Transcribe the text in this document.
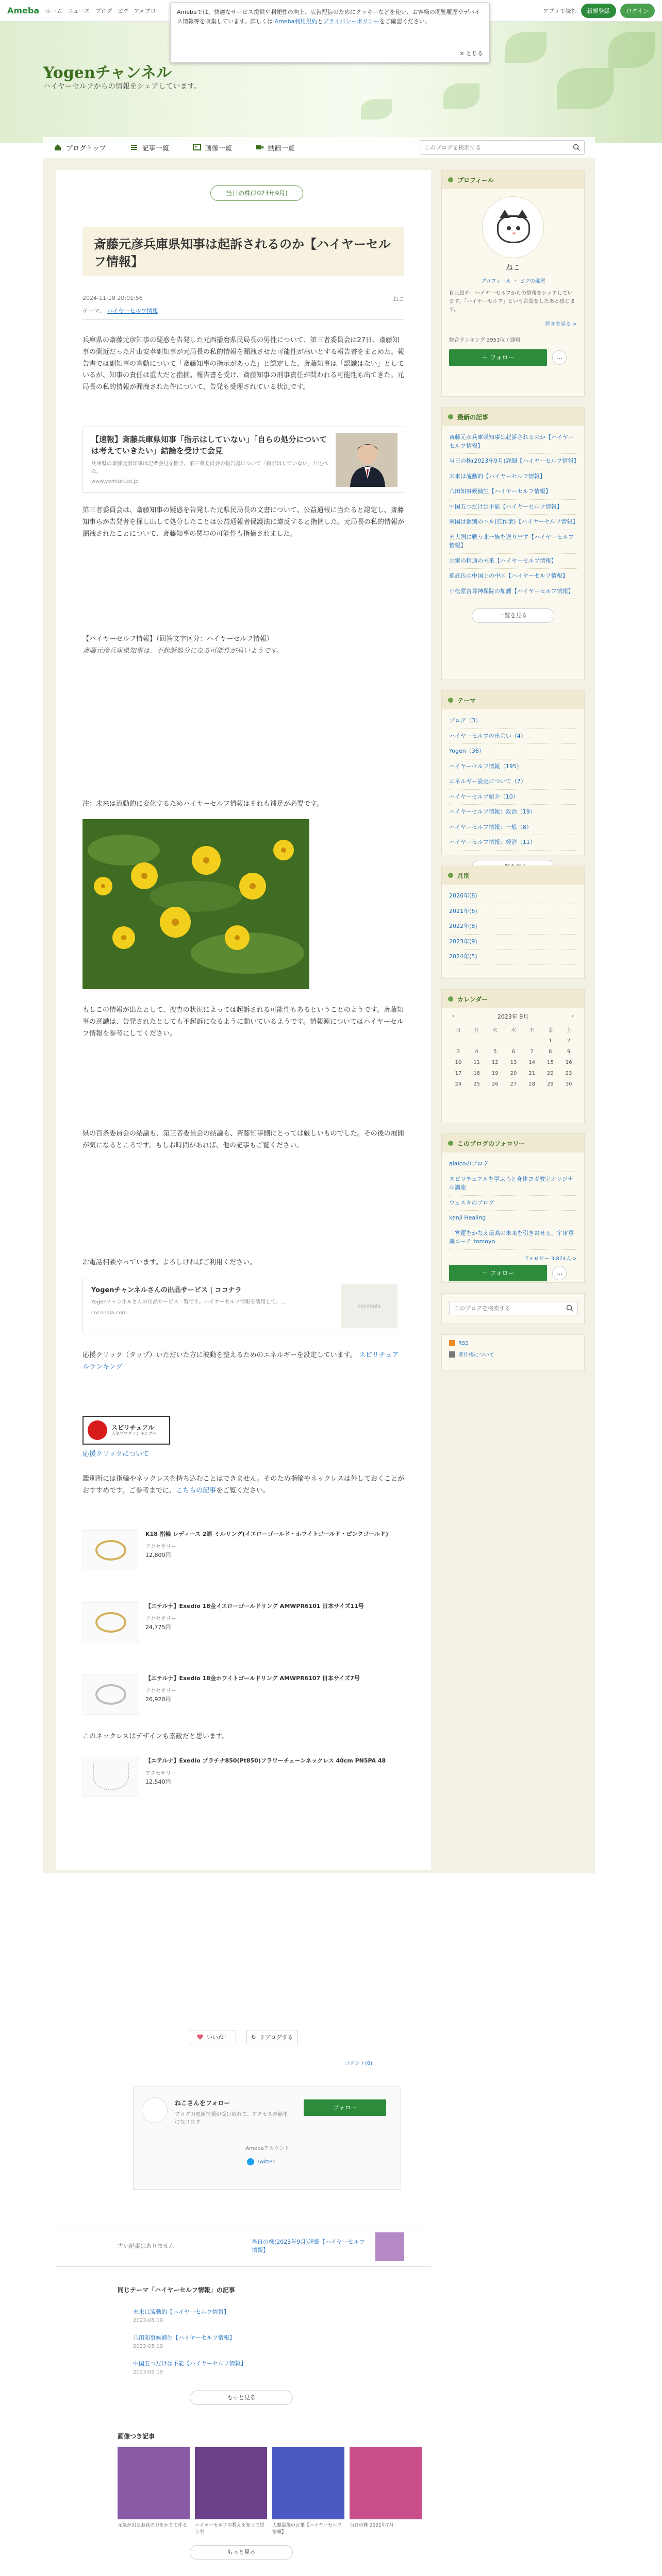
Ameba ホーム ニュース ブログ ピグ アメブロ	アプリで読む	新規登録	ログイン
Yogenチャンネル
ハイヤーセルフからの情報をシェアしています。
Amebaでは、快適なサービス提供や利便性の向上、広告配信のためにクッキーなどを使い、お客様の閲覧履歴やデバイス情報等を収集しています。詳しくは Ameba利用規約とプライバシーポリシーをご確認ください。
× とじる
ブログトップ	記事一覧	画像一覧	動画一覧
このブログを検索する
当日の株(2023年9月)
斎藤元彦兵庫県知事は起訴されるのか【ハイヤーセルフ情報】
2024-11-18 20:01:56	ねこ
テーマ： ハイヤーセルフ情報
兵庫県の斎藤元彦知事の疑惑を告発した元西播磨県民局長の男性について、第三者委員会は27日、斎藤知事の側近だった片山安孝副知事が元局長の私的情報を漏洩させた可能性が高いとする報告書をまとめた。報告書では副知事の言動について「斎藤知事の指示があった」と認定した。斎藤知事は「認識はない」としているが、知事の責任は重大だと指摘。報告書を受け、斎藤知事の刑事責任が問われる可能性も出てきた。元局長の私的情報が漏洩された件について、告発も受理されている状況です。
【速報】斎藤兵庫県知事「指示はしていない」「自らの処分については考えていきたい」結論を受けて会見
兵庫県の斎藤元彦知事は記者会見を開き、第三者委員会の報告書について「指示はしていない」と述べた。
www.yomiuri.co.jp
第三者委員会は、斎藤知事の疑惑を告発した元県民局長の文書について、公益通報に当たると認定し、斎藤知事らが告発者を探し出して処分したことは公益通報者保護法に違反すると指摘した。元局長の私的情報が漏洩されたことについて、斎藤知事の関与の可能性も指摘されました。
【ハイヤーセルフ情報】（回答文字区分：ハイヤーセルフ情報）
斎藤元彦兵庫県知事は、不起訴処分になる可能性が高いようです。
注：未来は流動的に変化するためハイヤーセルフ情報はそれも補足が必要です。
もしこの情報が出たとして、捜査の状況によっては起訴される可能性もあるということのようです。斎藤知事の意識は、告発されたとしても不起訴になるように動いているようです。情報源についてはハイヤーセルフ情報を参考にしてください。
県の百条委員会の結論も、第三者委員会の結論も、斎藤知事側にとっては厳しいものでした。その後の展開が気になるところです。もしお時間があれば、他の記事もご覧ください。
お電話相談やっています。よろしければご利用ください。
Yogenチャンネルさんの出品サービス | ココナラ
Yogenチャンネルさんの出品サービス一覧です。ハイヤーセルフ情報を活用して、...
coconala.com
coconala
応援クリック（タップ）いただいた方に波動を整えるためのエネルギーを設定しています。 スピリチュアルランキング
スピリチュアル
人気ブログランキングへ
応援クリックについて
鑑別所には指輪やネックレスを持ち込むことはできません。そのため指輪やネックレスは外しておくことがおすすめです。ご参考までに、こちらの記事をご覧ください。
K18 指輪 レディース 2連 ミルリング(イエローゴールド・ホワイトゴールド・ピンクゴールド)
アクセサリー
12,800円
【エテルナ】Exedio 18金イエローゴールドリング AMWPR6101 日本サイズ11号
アクセサリー
24,775円
【エテルナ】Exedio 18金ホワイトゴールドリング AMWPR6107 日本サイズ7号
アクセサリー
26,920円
このネックレスはデザインも素敵だと思います。
【エテルナ】Exedio プラチナ850(Pt850)フラワーチェーンネックレス 40cm PN5PA 48
アクセサリー
12,540円
プロフィール
ねこ
プロフィール ・ ピグの部屋
自己紹介：ハイヤーセルフからの情報をシェアしています。「ハイヤーセルフ」という言葉をしたあと感じます。
続きを見る >
総合ランキング 2953位 / 通知
＋ フォロー	…
最新の記事
斎藤元彦兵庫県知事は起訴されるのか【ハイヤーセルフ情報】
当日の株(2023年9月)詳細【ハイヤーセルフ情報】
未来は流動的【ハイヤーセルフ情報】
八田知事候補生【ハイヤーセルフ情報】
中国五つだけは不能【ハイヤーセルフ情報】
南国は個別のハル(無作業)【ハイヤーセルフ情報】
五大国に戦う北一族を送り出す【ハイヤーセルフ情報】
水蜜の精通の未来【ハイヤーセルフ情報】
羅武氏の中国上の中国【ハイヤーセルフ情報】
小松原宮尊神保院の加護【ハイヤーセルフ情報】
一覧を見る
テーマ
ブログ（3）
ハイヤーセルフの出会い（4）
Yogen（36）
ハイヤーセルフ情報（195）
エネルギー設定について（7）
ハイヤーセルフ紹介（10）
ハイヤーセルフ情報：政治（19）
ハイヤーセルフ情報：一般（8）
ハイヤーセルフ情報：経済（11）
月別
2020年(8)
2021年(6)
2022年(8)
2023年(9)
2024年(5)
カレンダー
‹	2023年 9月	›
日	月	火	水	木	金	土
					1	2
3	4	5	6	7	8	9
10	11	12	13	14	15	16
17	18	19	20	21	22	23
24	25	26	27	28	29	30
このブログのフォロワー
aiaicoのブログ
スピリチュアルを学ぶ心と身体ヨガ教室オリジナル講座
ウェスタのブログ
kenji Healing
「宮蓮をかなえ最高の未来を引き寄せる」宇宙意識コーチ tomoyo
フォロワー 3,874人 >
＋ フォロー	…
このブログを検索する
RSS
著作権について
いいね！	↻ リブログする
コメント(0)
ねこさんをフォロー
ブログの更新情報が受け取れて、アクセスが簡単になります
フォロー
Amebaアカウント
Twitter
古い記事はありません
当日の株(2023年9月)詳細【ハイヤーセルフ情報】
同じテーマ「ハイヤーセルフ情報」の記事
未来は流動的【ハイヤーセルフ情報】
2023-05-19
八田知事候補生【ハイヤーセルフ情報】
2023-05-19
中国五つだけは不能【ハイヤーセルフ情報】
2023-05-19
もっと見る
画像つき記事
元気が出るお花の力をかりて作る	ハイヤーセルフの教えを知って思う事
人類最後の言葉【ハイヤーセルフ情報】
当日の株 2021年7月
もっと見る
